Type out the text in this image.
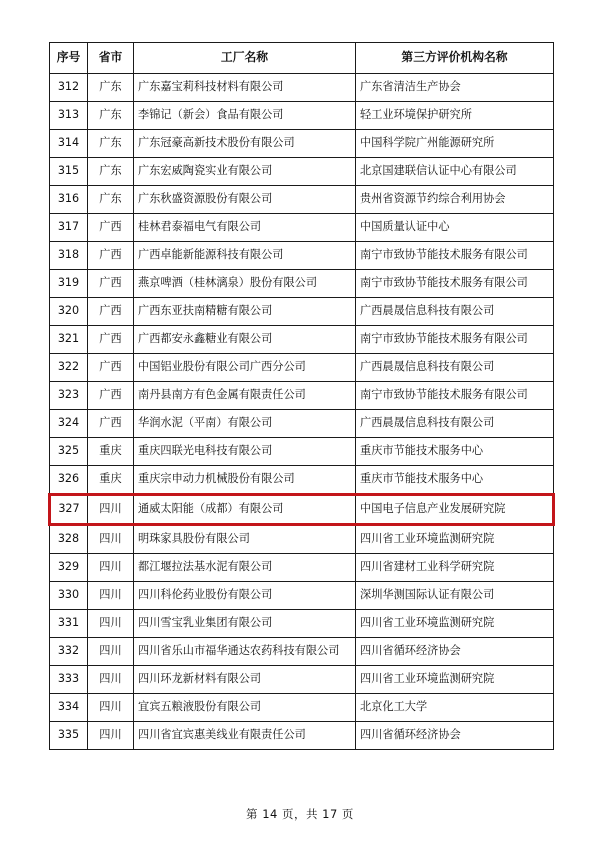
序号	省市	工厂名称	第三方评价机构名称
312	广东	广东嘉宝莉科技材料有限公司	广东省清洁生产协会
313	广东	李锦记（新会）食品有限公司	轻工业环境保护研究所
314	广东	广东冠豪高新技术股份有限公司	中国科学院广州能源研究所
315	广东	广东宏威陶瓷实业有限公司	北京国建联信认证中心有限公司
316	广东	广东秋盛资源股份有限公司	贵州省资源节约综合利用协会
317	广西	桂林君泰福电气有限公司	中国质量认证中心
318	广西	广西卓能新能源科技有限公司	南宁市致协节能技术服务有限公司
319	广西	燕京啤酒（桂林漓泉）股份有限公司	南宁市致协节能技术服务有限公司
320	广西	广西东亚扶南精糖有限公司	广西晨晟信息科技有限公司
321	广西	广西都安永鑫糖业有限公司	南宁市致协节能技术服务有限公司
322	广西	中国铝业股份有限公司广西分公司	广西晨晟信息科技有限公司
323	广西	南丹县南方有色金属有限责任公司	南宁市致协节能技术服务有限公司
324	广西	华润水泥（平南）有限公司	广西晨晟信息科技有限公司
325	重庆	重庆四联光电科技有限公司	重庆市节能技术服务中心
326	重庆	重庆宗申动力机械股份有限公司	重庆市节能技术服务中心
327	四川	通威太阳能（成都）有限公司	中国电子信息产业发展研究院
328	四川	明珠家具股份有限公司	四川省工业环境监测研究院
329	四川	都江堰拉法基水泥有限公司	四川省建材工业科学研究院
330	四川	四川科伦药业股份有限公司	深圳华测国际认证有限公司
331	四川	四川雪宝乳业集团有限公司	四川省工业环境监测研究院
332	四川	四川省乐山市福华通达农药科技有限公司	四川省循环经济协会
333	四川	四川环龙新材料有限公司	四川省工业环境监测研究院
334	四川	宜宾五粮液股份有限公司	北京化工大学
335	四川	四川省宜宾惠美线业有限责任公司	四川省循环经济协会
第 14 页，共 17 页
